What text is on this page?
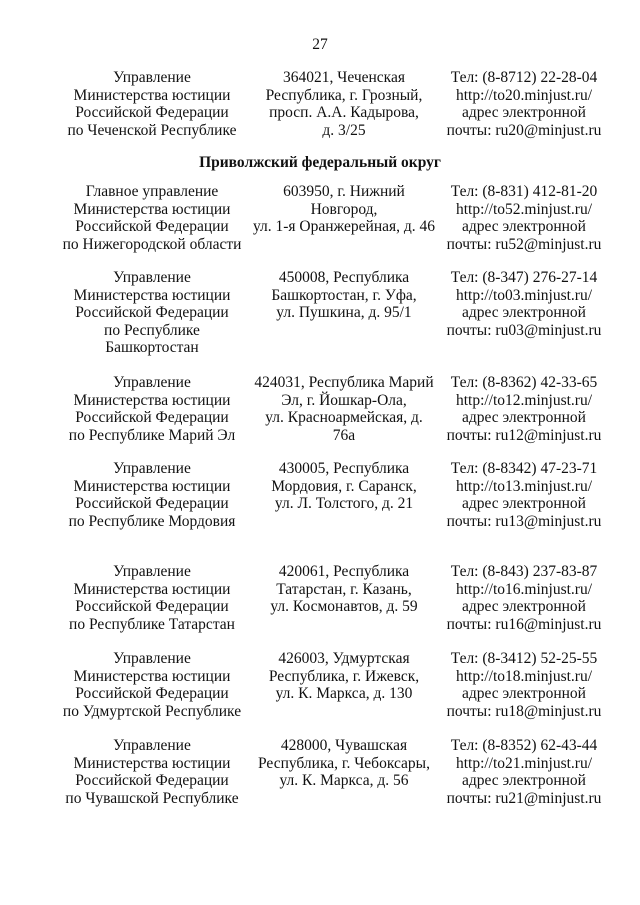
27
Управление
Министерства юстиции
Российской Федерации
по Чеченской Республике
364021, Чеченская
Республика, г. Грозный,
просп. А.А. Кадырова,
д. 3/25
Тел: (8-8712) 22-28-04
http://to20.minjust.ru/
адрес электронной
почты: ru20@minjust.ru
Приволжский федеральный округ
Главное управление
Министерства юстиции
Российской Федерации
по Нижегородской области
603950, г. Нижний
Новгород,
ул. 1-я Оранжерейная, д. 46
Тел: (8-831) 412-81-20
http://to52.minjust.ru/
адрес электронной
почты: ru52@minjust.ru
Управление
Министерства юстиции
Российской Федерации
по Республике
Башкортостан
450008, Республика
Башкортостан, г. Уфа,
ул. Пушкина, д. 95/1
Тел: (8-347) 276-27-14
http://to03.minjust.ru/
адрес электронной
почты: ru03@minjust.ru
Управление
Министерства юстиции
Российской Федерации
по Республике Марий Эл
424031, Республика Марий
Эл, г. Йошкар-Ола,
ул. Красноармейская, д.
76а
Тел: (8-8362) 42-33-65
http://to12.minjust.ru/
адрес электронной
почты: ru12@minjust.ru
Управление
Министерства юстиции
Российской Федерации
по Республике Мордовия
430005, Республика
Мордовия, г. Саранск,
ул. Л. Толстого, д. 21
Тел: (8-8342) 47-23-71
http://to13.minjust.ru/
адрес электронной
почты: ru13@minjust.ru
Управление
Министерства юстиции
Российской Федерации
по Республике Татарстан
420061, Республика
Татарстан, г. Казань,
ул. Космонавтов, д. 59
Тел: (8-843) 237-83-87
http://to16.minjust.ru/
адрес электронной
почты: ru16@minjust.ru
Управление
Министерства юстиции
Российской Федерации
по Удмуртской Республике
426003, Удмуртская
Республика, г. Ижевск,
ул. К. Маркса, д. 130
Тел: (8-3412) 52-25-55
http://to18.minjust.ru/
адрес электронной
почты: ru18@minjust.ru
Управление
Министерства юстиции
Российской Федерации
по Чувашской Республике
428000, Чувашская
Республика, г. Чебоксары,
ул. К. Маркса, д. 56
Тел: (8-8352) 62-43-44
http://to21.minjust.ru/
адрес электронной
почты: ru21@minjust.ru
